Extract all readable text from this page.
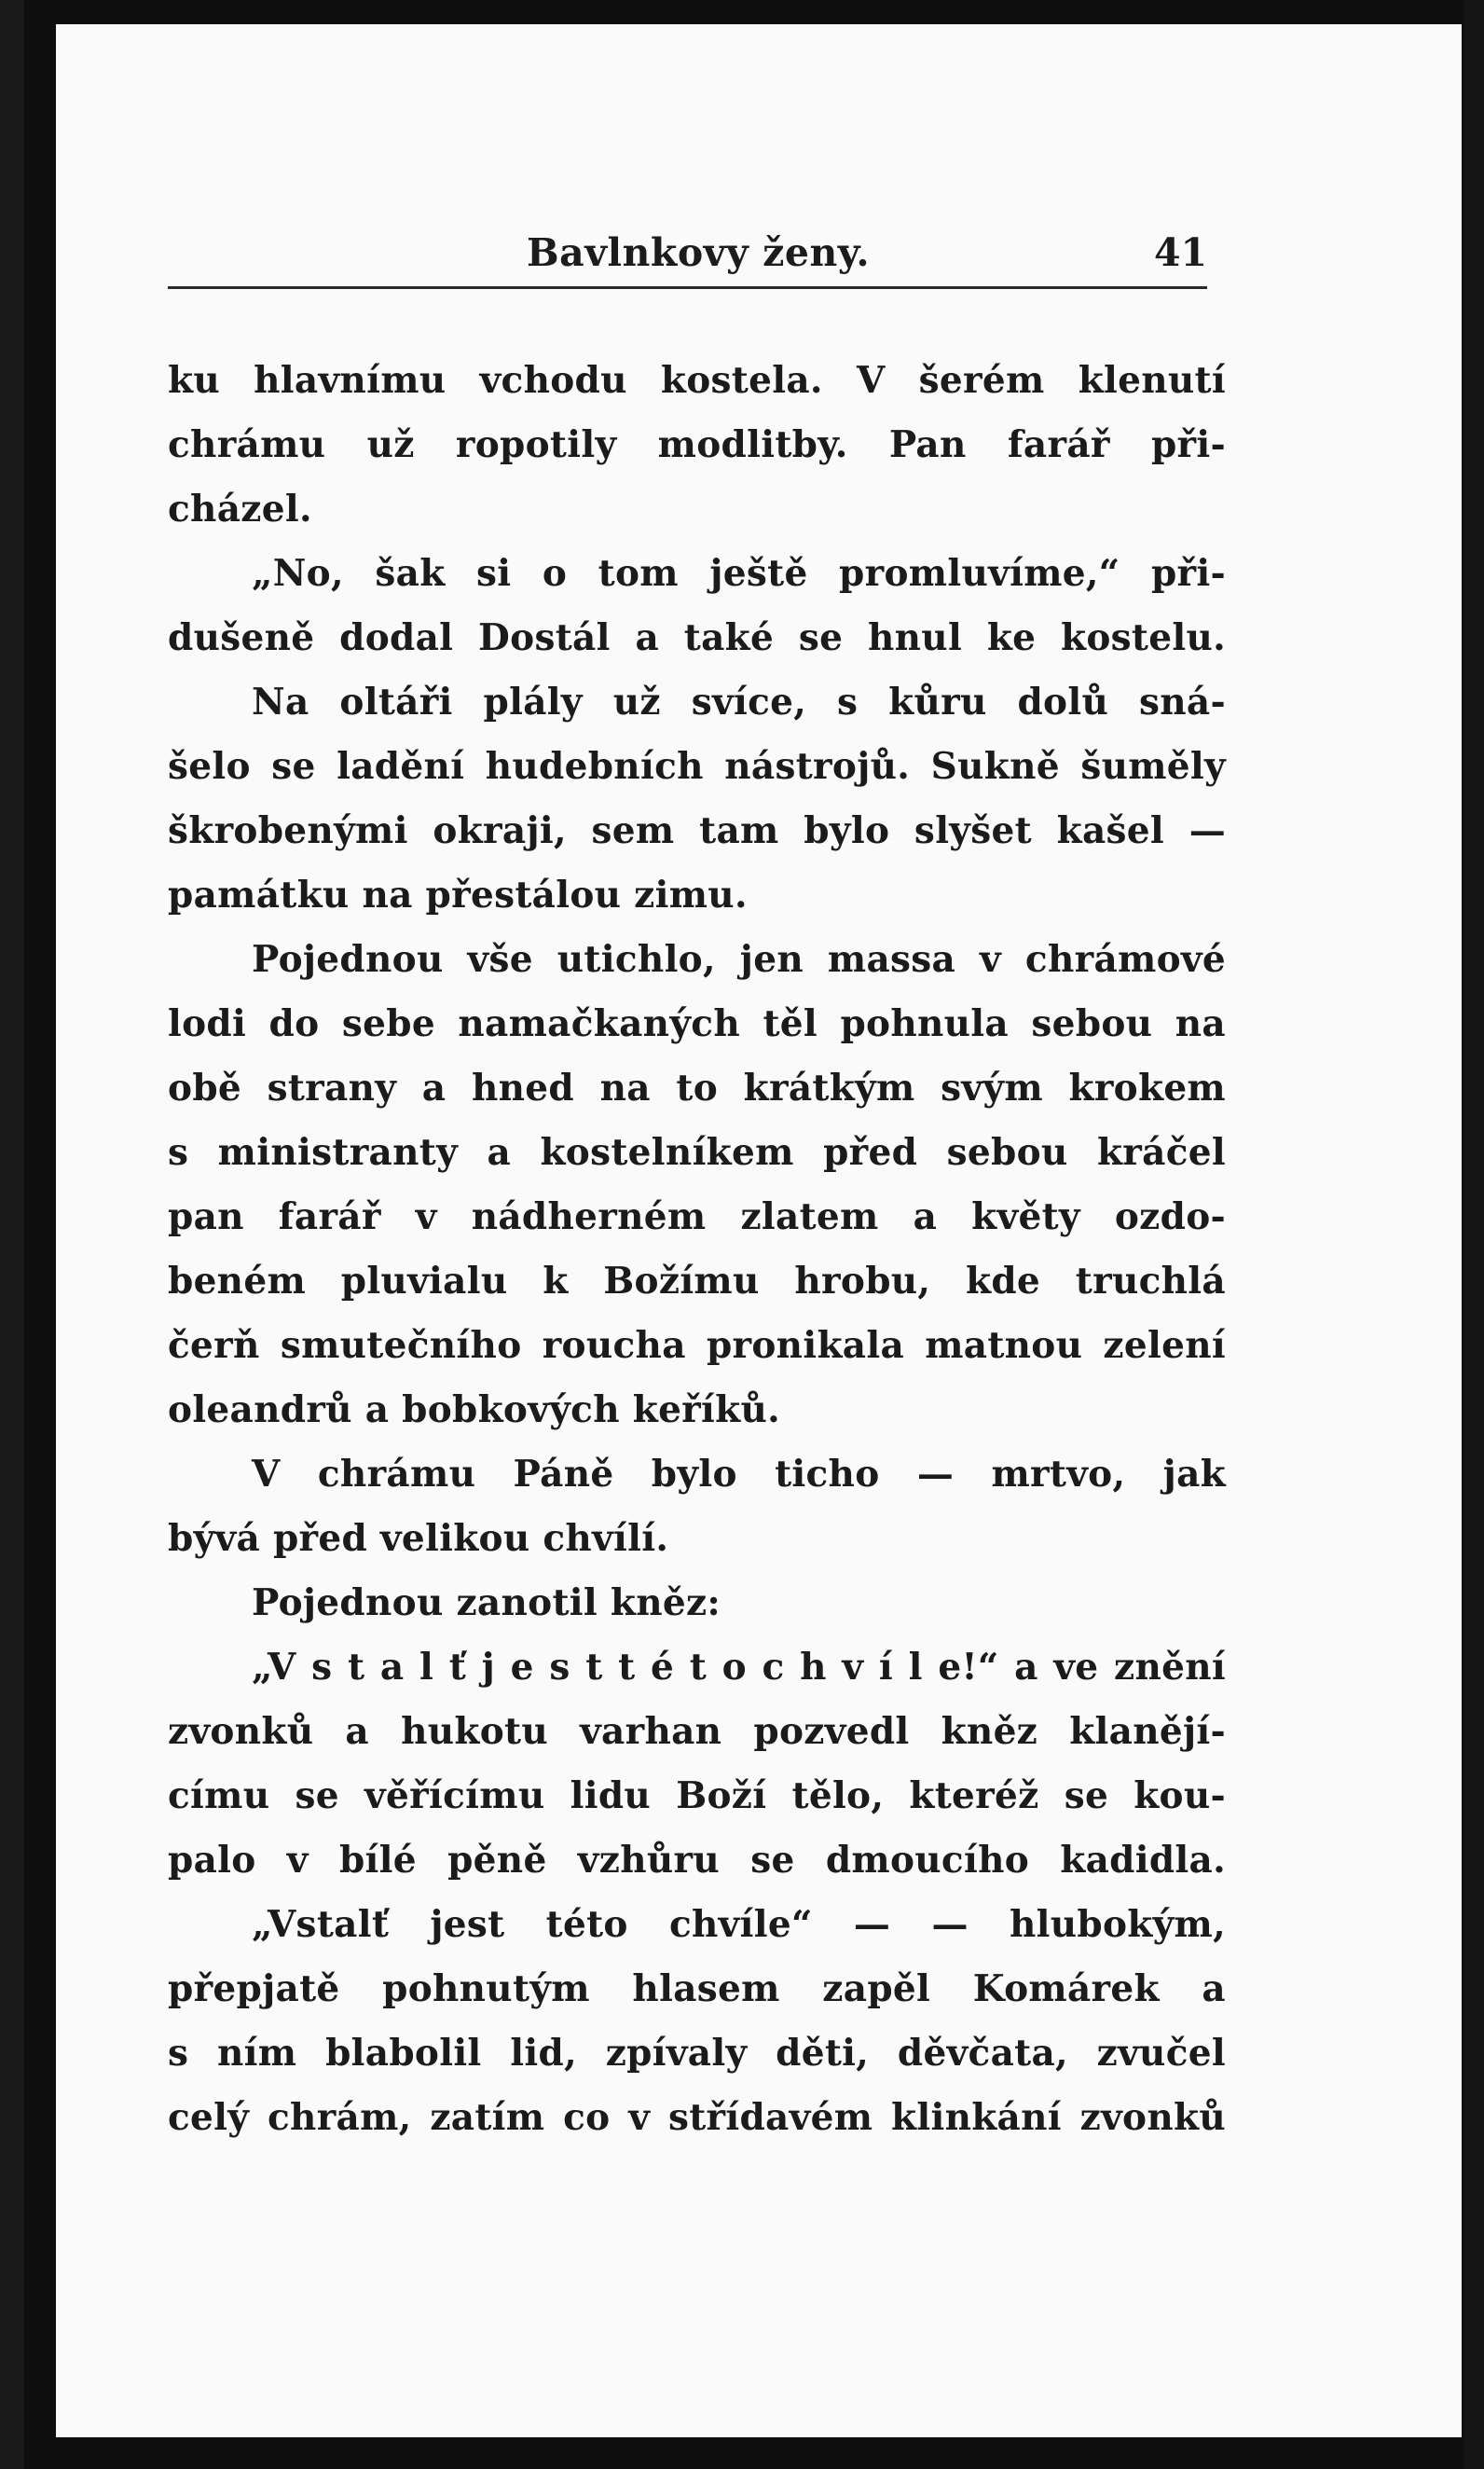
Bavlnkovy ženy.	41
ku hlavnímu vchodu kostela. V šerém klenutí
chrámu už ropotily modlitby. Pan farář při-
cházel.
„No, šak si o tom ještě promluvíme,“ při-
dušeně dodal Dostál a také se hnul ke kostelu.
Na oltáři plály už svíce, s kůru dolů sná-
šelo se ladění hudebních nástrojů. Sukně šuměly
škrobenými okraji, sem tam bylo slyšet kašel —
památku na přestálou zimu.
Pojednou vše utichlo, jen massa v chrámové
lodi do sebe namačkaných těl pohnula sebou na
obě strany a hned na to krátkým svým krokem
s ministranty a kostelníkem před sebou kráčel
pan farář v nádherném zlatem a květy ozdo-
beném pluvialu k Božímu hrobu, kde truchlá
čerň smutečního roucha pronikala matnou zelení
oleandrů a bobkových keříků.
V chrámu Páně bylo ticho — mrtvo, jak
bývá před velikou chvílí.
Pojednou zanotil kněz:
„V s t a l ť j e s t t é t o c h v í l e!“ a ve znění
zvonků a hukotu varhan pozvedl kněz klanějí-
címu se věřícímu lidu Boží tělo, kteréž se kou-
palo v bílé pěně vzhůru se dmoucího kadidla.
„Vstalť jest této chvíle“ — — hlubokým,
přepjatě pohnutým hlasem zapěl Komárek a
s ním blabolil lid, zpívaly děti, děvčata, zvučel
celý chrám, zatím co v střídavém klinkání zvonků
